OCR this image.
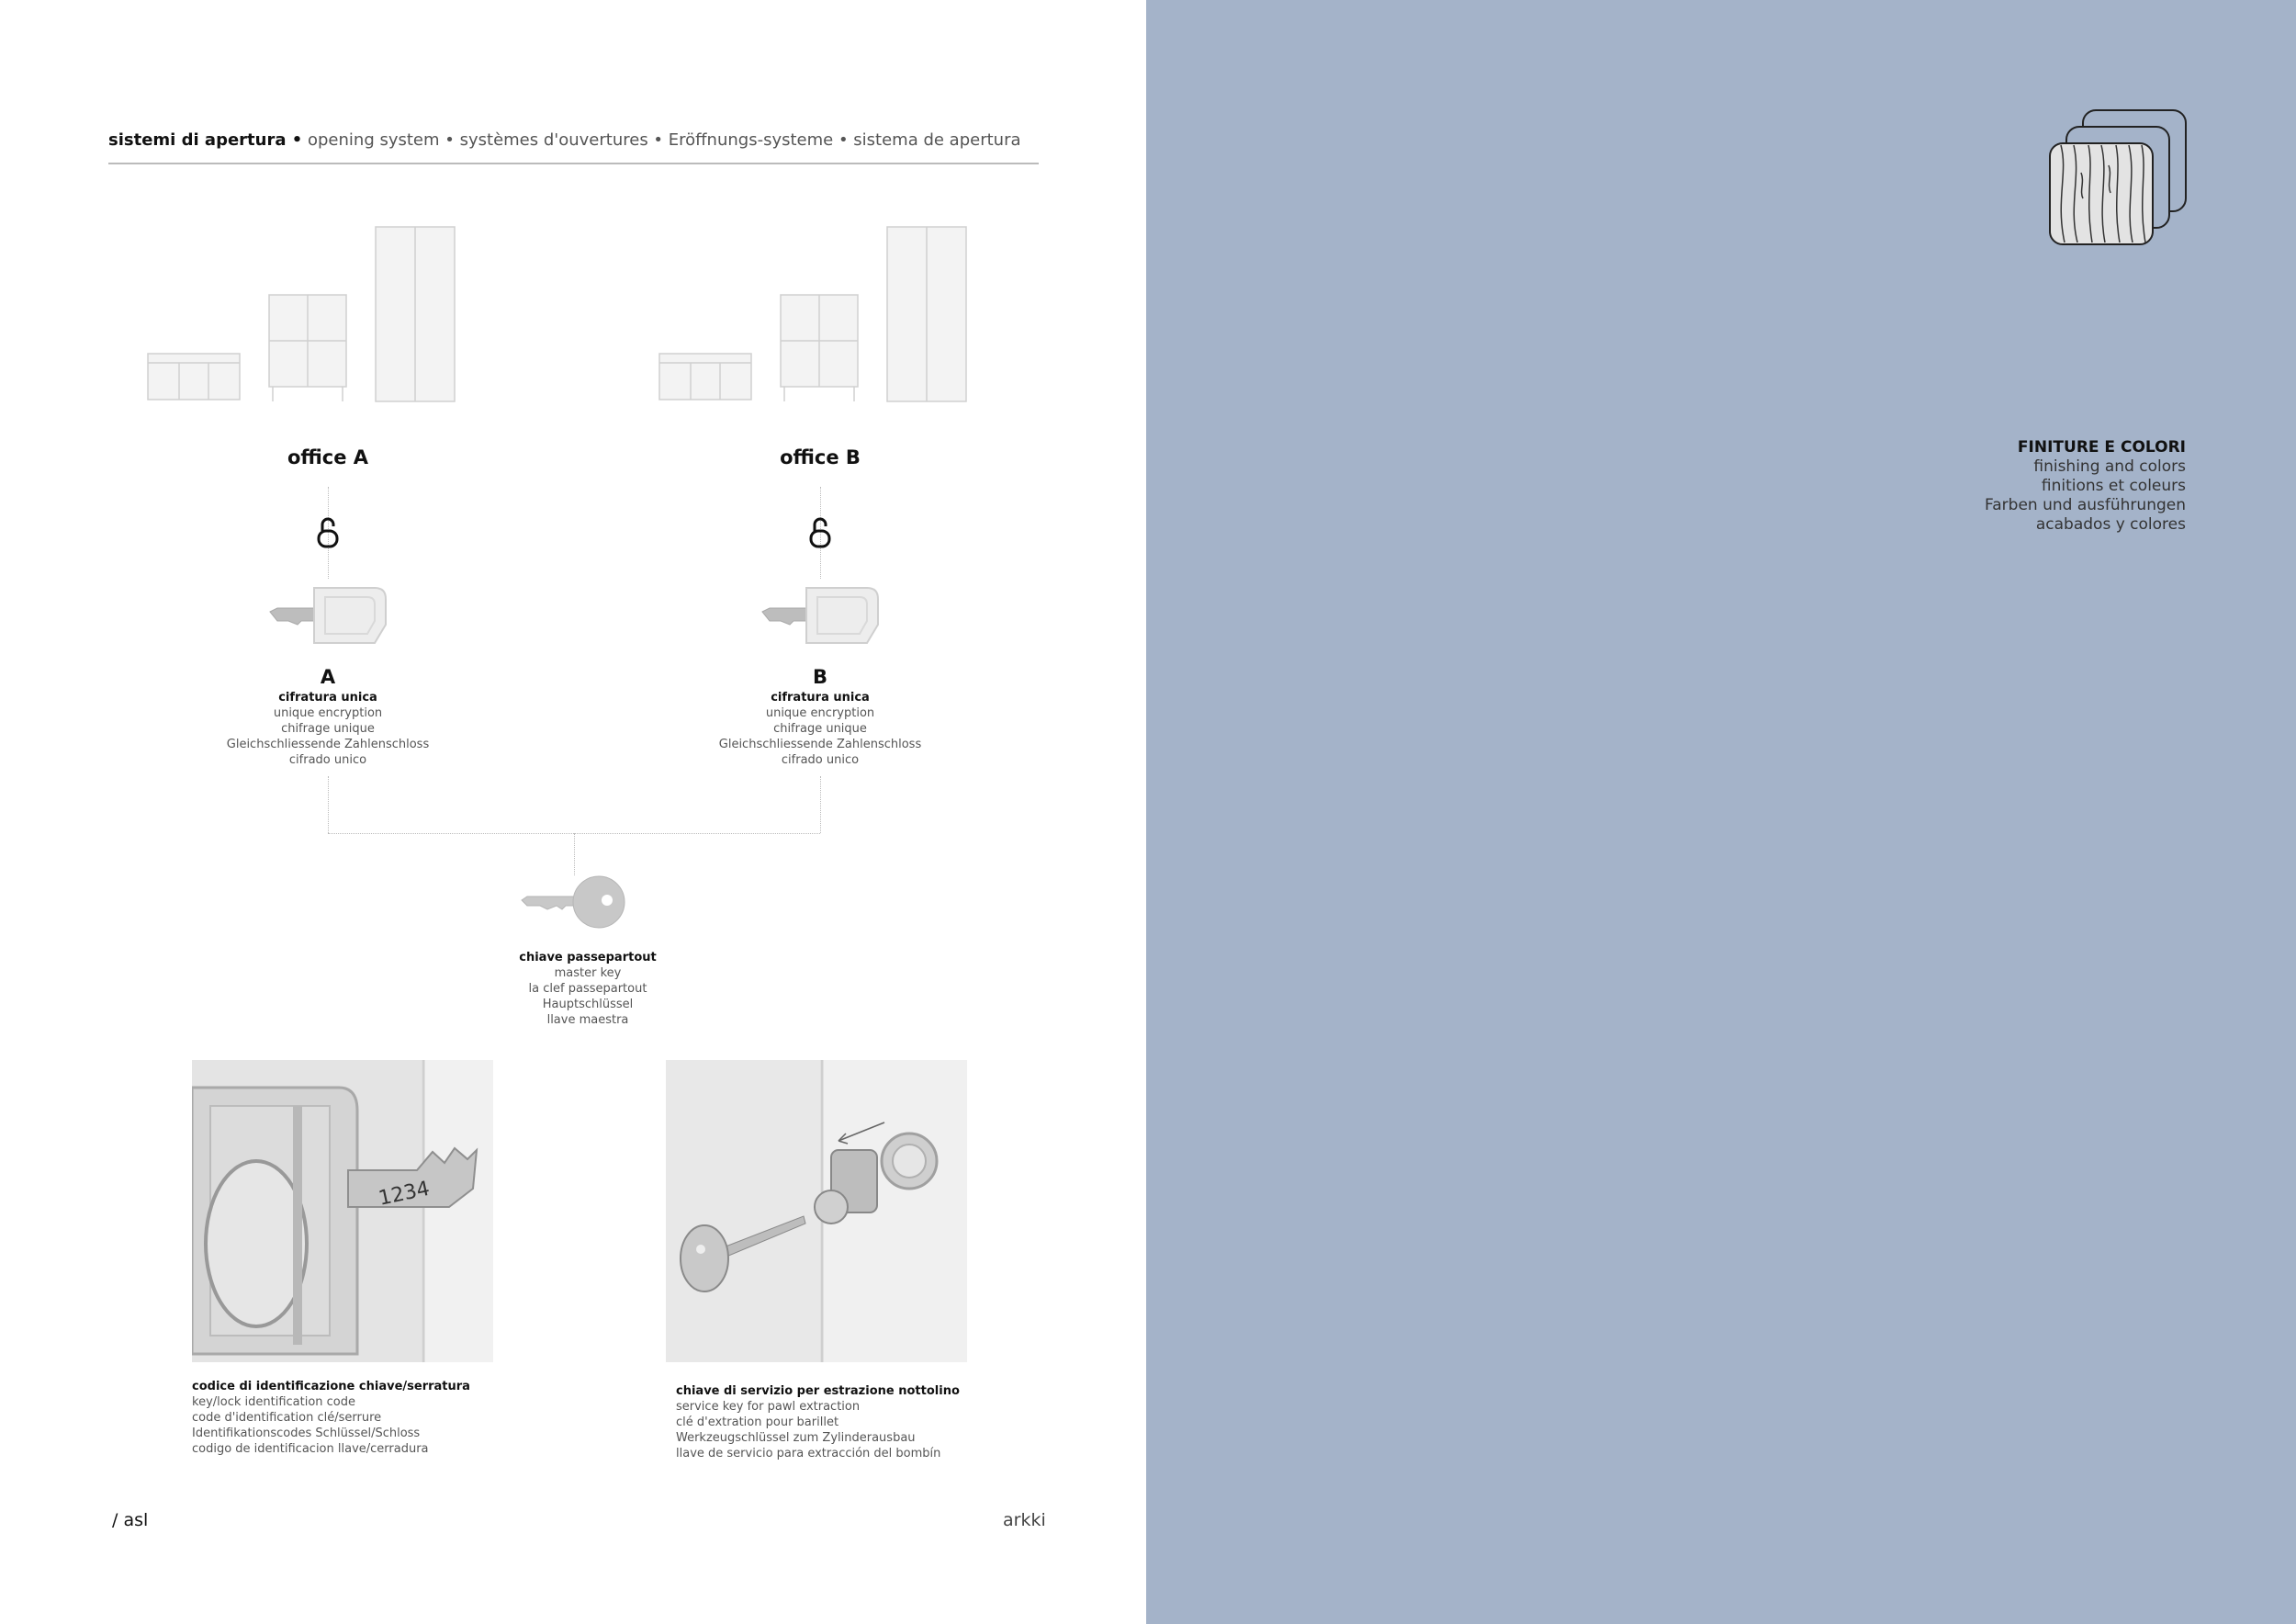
sistemi di apertura • opening system • systèmes d'ouvertures • Eröffnungs-systeme • sistema de apertura
office A	office B
A
cifratura unica
unique encryption
chifrage unique
Gleichschliessende Zahlenschloss
cifrado unico
B
cifratura unica
unique encryption
chifrage unique
Gleichschliessende Zahlenschloss
cifrado unico
chiave passepartout
master key
la clef passepartout
Hauptschlüssel
llave maestra
1234
codice di identificazione chiave/serratura
key/lock identification code
code d'identification clé/serrure
Identifikationscodes Schlüssel/Schloss
codigo de identificacion llave/cerradura
chiave di servizio per estrazione nottolino
service key for pawl extraction
clé d'extration pour barillet
Werkzeugschlüssel zum Zylinderausbau
llave de servicio para extracción del bombín
/ asl	arkki
FINITURE E COLORI
finishing and colors
finitions et coleurs
Farben und ausführungen
acabados y colores
